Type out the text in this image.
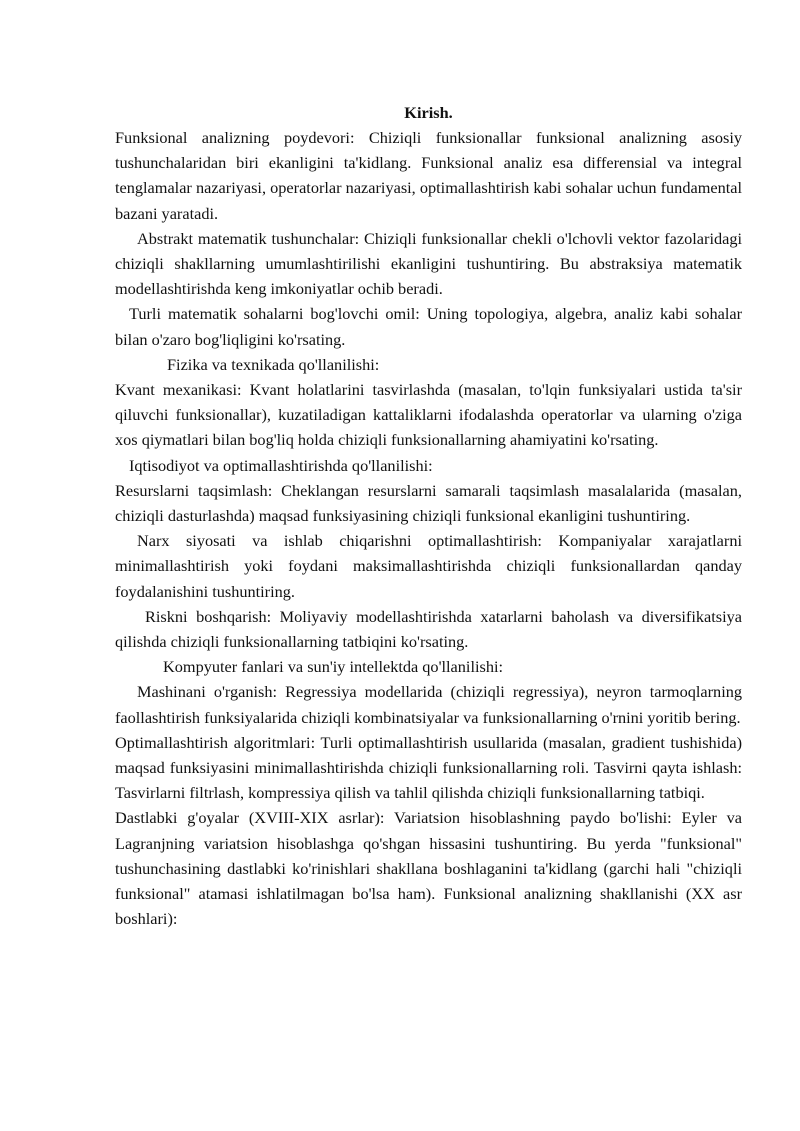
Kirish.

Funksional analizning poydevori: Chiziqli funksionallar funksional analizning asosiy tushunchalaridan biri ekanligini ta'kidlang. Funksional analiz esa differensial va integral tenglamalar nazariyasi, operatorlar nazariyasi, optimallashtirish kabi sohalar uchun fundamental bazani yaratadi.

Abstrakt matematik tushunchalar: Chiziqli funksionallar chekli o'lchovli vektor fazolaridagi chiziqli shakllarning umumlashtirilishi ekanligini tushuntiring. Bu abstraksiya matematik modellashtirishda keng imkoniyatlar ochib beradi.

Turli matematik sohalarni bog'lovchi omil: Uning topologiya, algebra, analiz kabi sohalar bilan o'zaro bog'liqligini ko'rsating.

Fizika va texnikada qo'llanilishi:

Kvant mexanikasi: Kvant holatlarini tasvirlashda (masalan, to'lqin funksiyalari ustida ta'sir qiluvchi funksionallar), kuzatiladigan kattaliklarni ifodalashda operatorlar va ularning o'ziga xos qiymatlari bilan bog'liq holda chiziqli funksionallarning ahamiyatini ko'rsating.

Iqtisodiyot va optimallashtirishda qo'llanilishi:

Resurslarni taqsimlash: Cheklangan resurslarni samarali taqsimlash masalalarida (masalan, chiziqli dasturlashda) maqsad funksiyasining chiziqli funksional ekanligini tushuntiring.

Narx siyosati va ishlab chiqarishni optimallashtirish: Kompaniyalar xarajatlarni minimallashtirish yoki foydani maksimallashtirishda chiziqli funksionallardan qanday foydalanishini tushuntiring.

Riskni boshqarish: Moliyaviy modellashtirishda xatarlarni baholash va diversifikatsiya qilishda chiziqli funksionallarning tatbiqini ko'rsating.

Kompyuter fanlari va sun'iy intellektda qo'llanilishi:

Mashinani o'rganish: Regressiya modellarida (chiziqli regressiya), neyron tarmoqlarning faollashtirish funksiyalarida chiziqli kombinatsiyalar va funksionallarning o'rnini yoritib bering.

Optimallashtirish algoritmlari: Turli optimallashtirish usullarida (masalan, gradient tushishida) maqsad funksiyasini minimallashtirishda chiziqli funksionallarning roli. Tasvirni qayta ishlash: Tasvirlarni filtrlash, kompressiya qilish va tahlil qilishda chiziqli funksionallarning tatbiqi.

Dastlabki g'oyalar (XVIII-XIX asrlar): Variatsion hisoblashning paydo bo'lishi: Eyler va Lagranjning variatsion hisoblashga qo'shgan hissasini tushuntiring. Bu yerda "funksional" tushunchasining dastlabki ko'rinishlari shakllana boshlaganini ta'kidlang (garchi hali "chiziqli funksional" atamasi ishlatilmagan bo'lsa ham). Funksional analizning shakllanishi (XX asr boshlari):
